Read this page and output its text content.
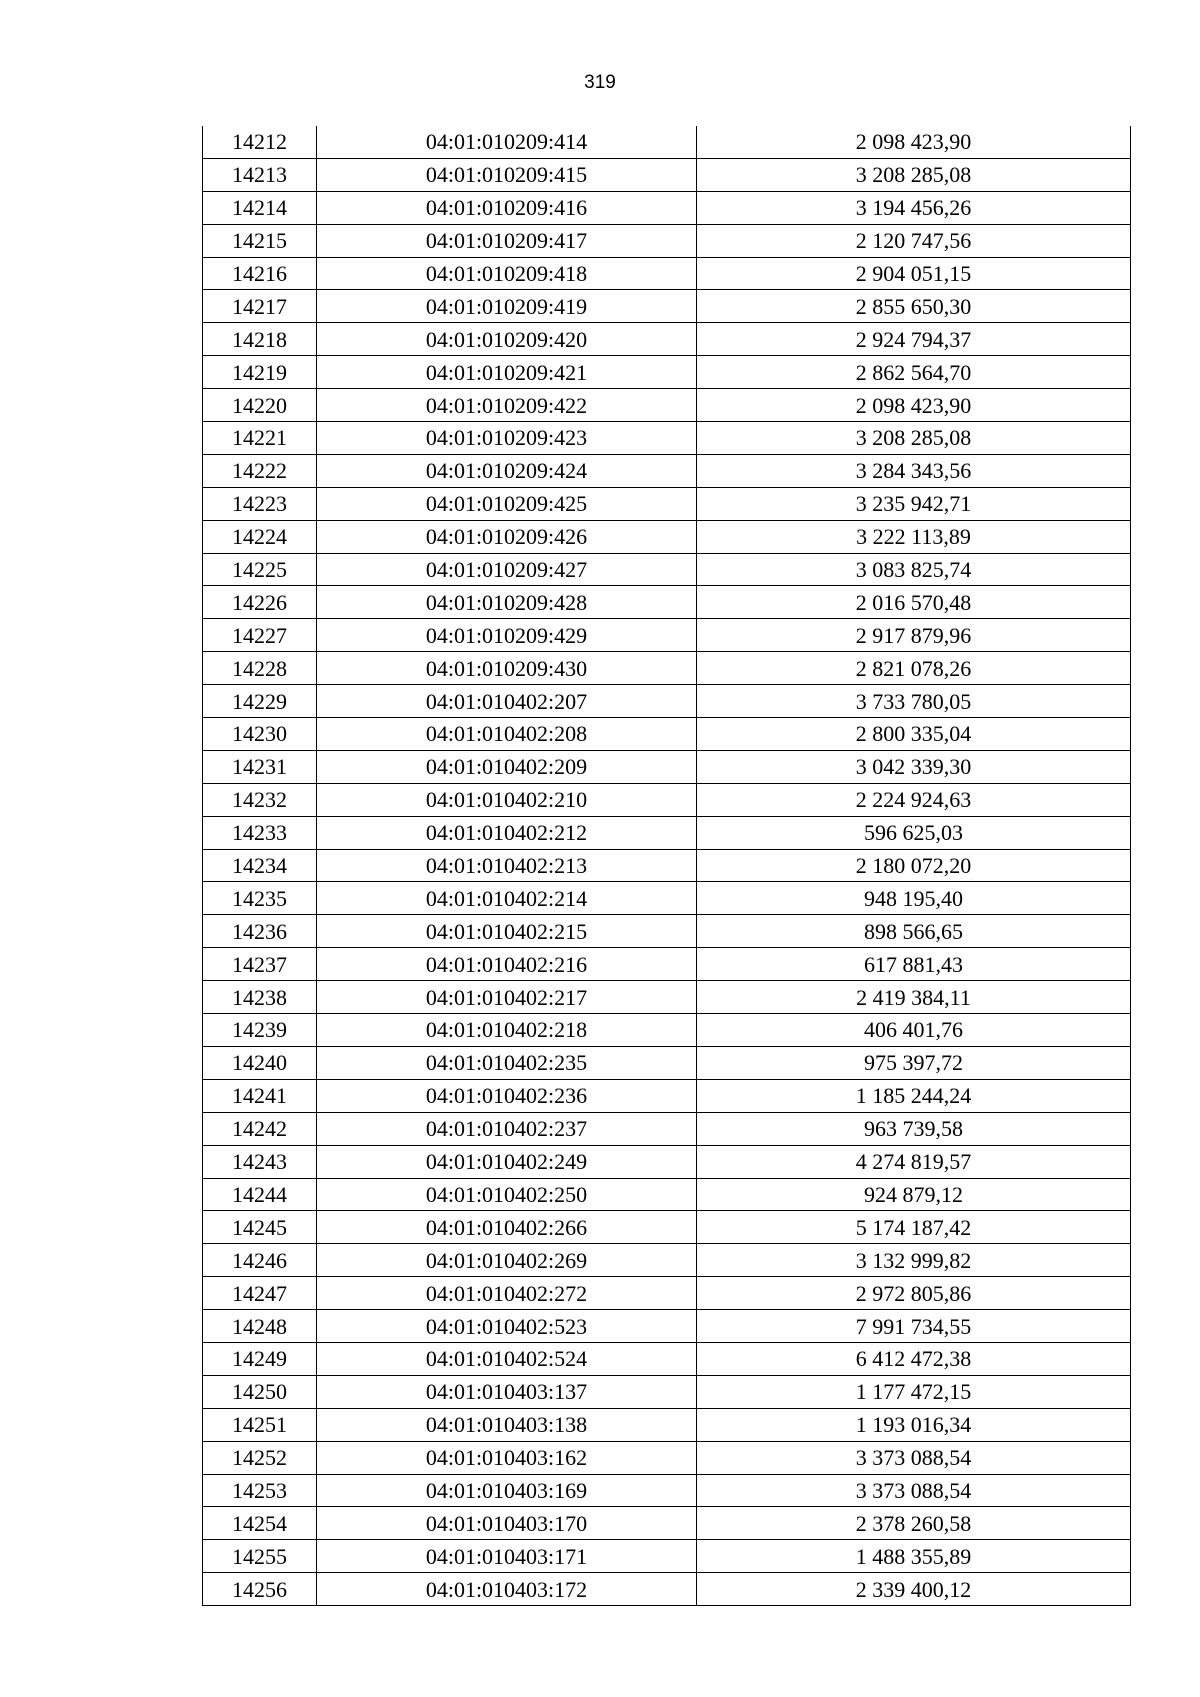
319
14212	04:01:010209:414	2 098 423,90
14213	04:01:010209:415	3 208 285,08
14214	04:01:010209:416	3 194 456,26
14215	04:01:010209:417	2 120 747,56
14216	04:01:010209:418	2 904 051,15
14217	04:01:010209:419	2 855 650,30
14218	04:01:010209:420	2 924 794,37
14219	04:01:010209:421	2 862 564,70
14220	04:01:010209:422	2 098 423,90
14221	04:01:010209:423	3 208 285,08
14222	04:01:010209:424	3 284 343,56
14223	04:01:010209:425	3 235 942,71
14224	04:01:010209:426	3 222 113,89
14225	04:01:010209:427	3 083 825,74
14226	04:01:010209:428	2 016 570,48
14227	04:01:010209:429	2 917 879,96
14228	04:01:010209:430	2 821 078,26
14229	04:01:010402:207	3 733 780,05
14230	04:01:010402:208	2 800 335,04
14231	04:01:010402:209	3 042 339,30
14232	04:01:010402:210	2 224 924,63
14233	04:01:010402:212	596 625,03
14234	04:01:010402:213	2 180 072,20
14235	04:01:010402:214	948 195,40
14236	04:01:010402:215	898 566,65
14237	04:01:010402:216	617 881,43
14238	04:01:010402:217	2 419 384,11
14239	04:01:010402:218	406 401,76
14240	04:01:010402:235	975 397,72
14241	04:01:010402:236	1 185 244,24
14242	04:01:010402:237	963 739,58
14243	04:01:010402:249	4 274 819,57
14244	04:01:010402:250	924 879,12
14245	04:01:010402:266	5 174 187,42
14246	04:01:010402:269	3 132 999,82
14247	04:01:010402:272	2 972 805,86
14248	04:01:010402:523	7 991 734,55
14249	04:01:010402:524	6 412 472,38
14250	04:01:010403:137	1 177 472,15
14251	04:01:010403:138	1 193 016,34
14252	04:01:010403:162	3 373 088,54
14253	04:01:010403:169	3 373 088,54
14254	04:01:010403:170	2 378 260,58
14255	04:01:010403:171	1 488 355,89
14256	04:01:010403:172	2 339 400,12
